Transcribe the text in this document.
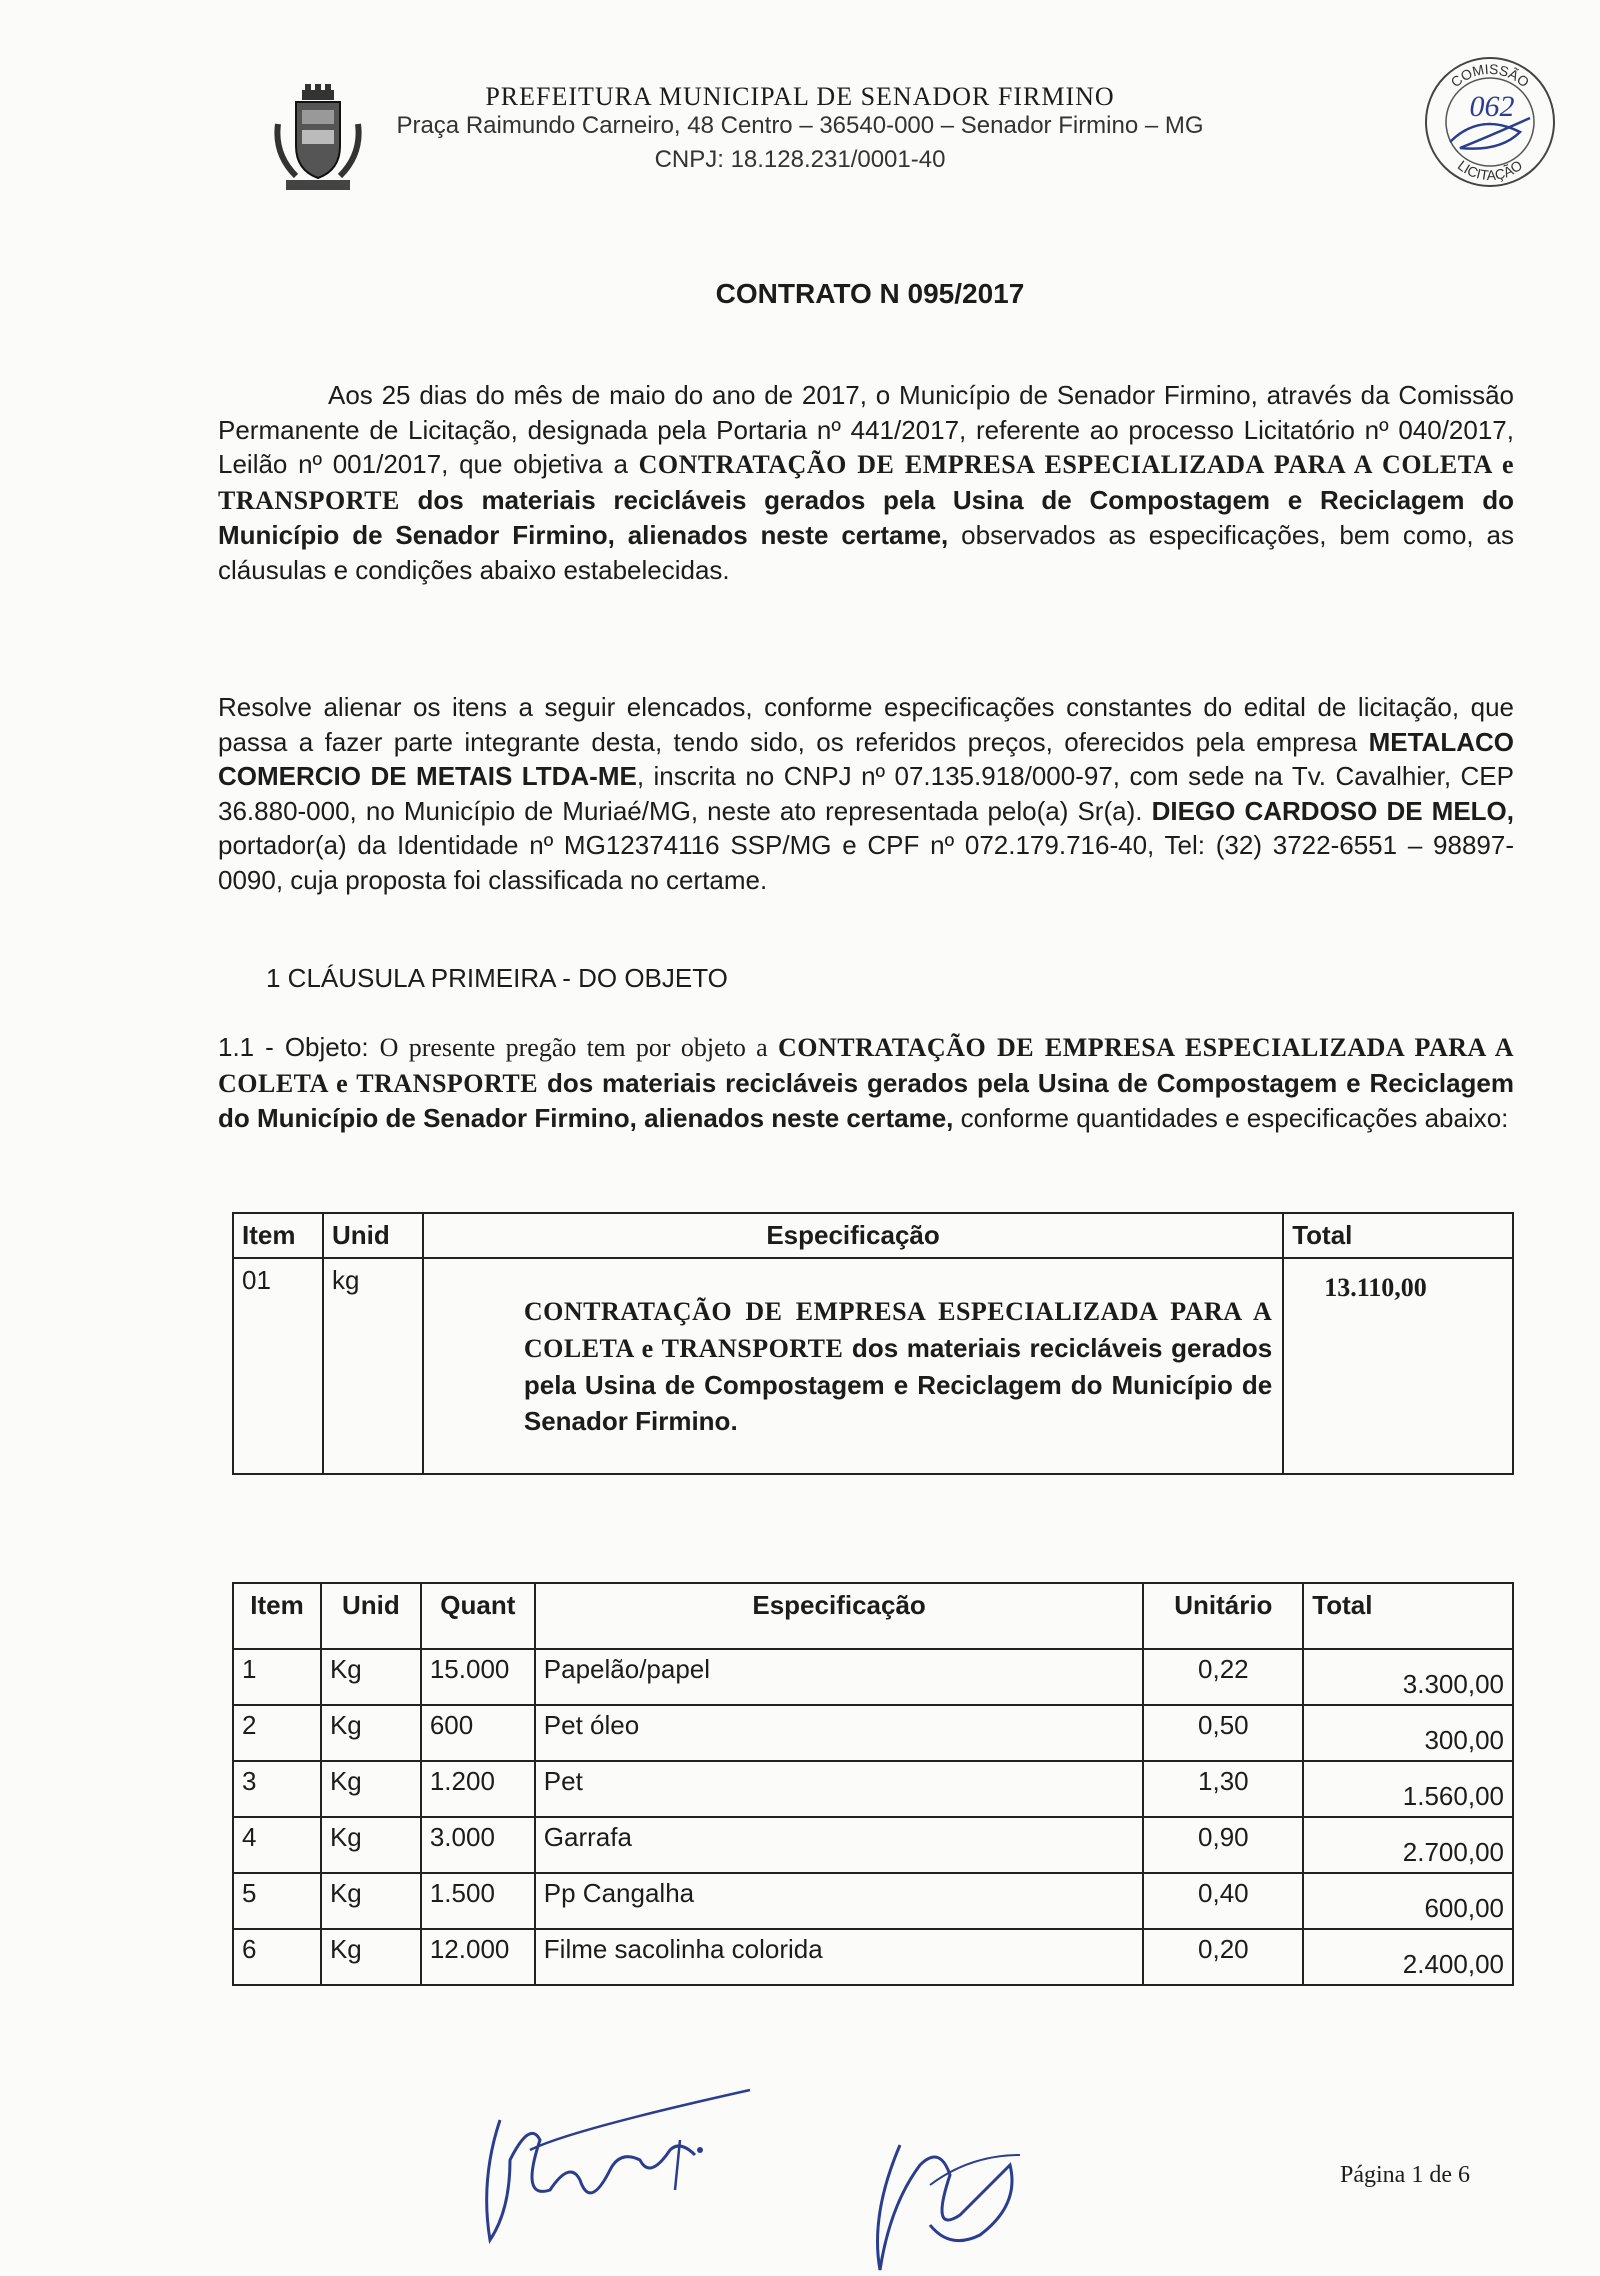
PREFEITURA MUNICIPAL DE SENADOR FIRMINO
Praça Raimundo Carneiro, 48 Centro – 36540-000 – Senador Firmino – MG
CNPJ: 18.128.231/0001-40
COMISSÃO
LICITAÇÃO
062
CONTRATO N 095/2017
Aos 25 dias do mês de maio do ano de 2017, o Município de Senador Firmino, através da Comissão Permanente de Licitação, designada pela Portaria nº 441/2017, referente ao processo Licitatório nº 040/2017, Leilão nº 001/2017, que objetiva a CONTRATAÇÃO DE EMPRESA ESPECIALIZADA PARA A COLETA e TRANSPORTE dos materiais recicláveis gerados pela Usina de Compostagem e Reciclagem do Município de Senador Firmino, alienados neste certame, observados as especificações, bem como, as cláusulas e condições abaixo estabelecidas.
Resolve alienar os itens a seguir elencados, conforme especificações constantes do edital de licitação, que passa a fazer parte integrante desta, tendo sido, os referidos preços, oferecidos pela empresa METALACO COMERCIO DE METAIS LTDA-ME, inscrita no CNPJ nº 07.135.918/000-97, com sede na Tv. Cavalhier, CEP 36.880-000, no Município de Muriaé/MG, neste ato representada pelo(a) Sr(a). DIEGO CARDOSO DE MELO, portador(a) da Identidade nº MG12374116 SSP/MG e CPF nº 072.179.716-40, Tel: (32) 3722-6551 – 98897-0090, cuja proposta foi classificada no certame.
1 CLÁUSULA PRIMEIRA - DO OBJETO
1.1 - Objeto: O presente pregão tem por objeto a CONTRATAÇÃO DE EMPRESA ESPECIALIZADA PARA A COLETA e TRANSPORTE dos materiais recicláveis gerados pela Usina de Compostagem e Reciclagem do Município de Senador Firmino, alienados neste certame, conforme quantidades e especificações abaixo:
Item	Unid	Especificação	Total
01	kg	CONTRATAÇÃO DE EMPRESA ESPECIALIZADA PARA A COLETA e TRANSPORTE dos materiais recicláveis gerados pela Usina de Compostagem e Reciclagem do Município de Senador Firmino.	13.110,00
Item	Unid	Quant	Especificação	Unitário	Total
1	Kg	15.000	Papelão/papel	0,22	3.300,00
2	Kg	600	Pet óleo	0,50	300,00
3	Kg	1.200	Pet	1,30	1.560,00
4	Kg	3.000	Garrafa	0,90	2.700,00
5	Kg	1.500	Pp Cangalha	0,40	600,00
6	Kg	12.000	Filme sacolinha colorida	0,20	2.400,00
Página 1 de 6
